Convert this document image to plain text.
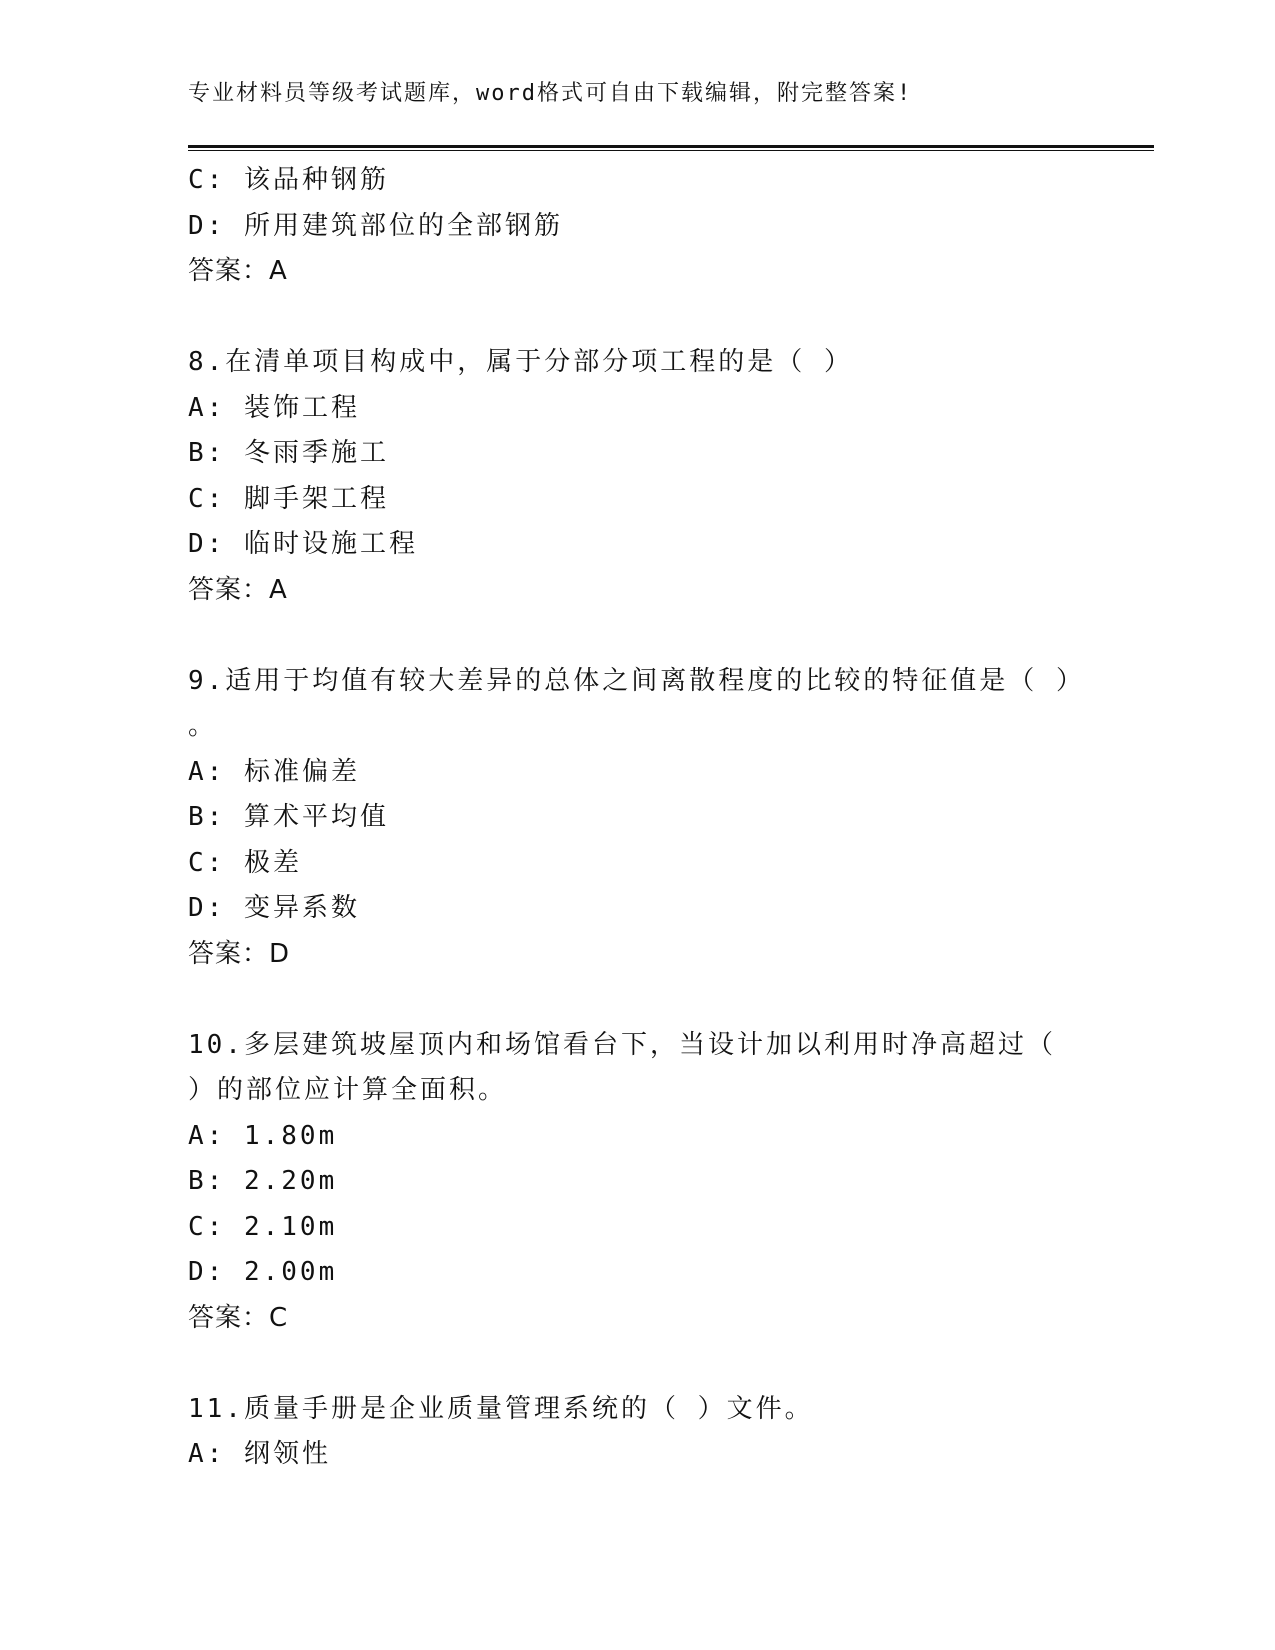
专业材料员等级考试题库，word格式可自由下载编辑，附完整答案!
C: 该品种钢筋
D: 所用建筑部位的全部钢筋
答案：A
8.在清单项目构成中，属于分部分项工程的是（ ）
A: 装饰工程
B: 冬雨季施工
C: 脚手架工程
D: 临时设施工程
答案：A
9.适用于均值有较大差异的总体之间离散程度的比较的特征值是（ ）
。
A: 标准偏差
B: 算术平均值
C: 极差
D: 变异系数
答案：D
10.多层建筑坡屋顶内和场馆看台下，当设计加以利用时净高超过（
）的部位应计算全面积。
A: 1.80m
B: 2.20m
C: 2.10m
D: 2.00m
答案：C
11.质量手册是企业质量管理系统的（ ）文件。
A: 纲领性
